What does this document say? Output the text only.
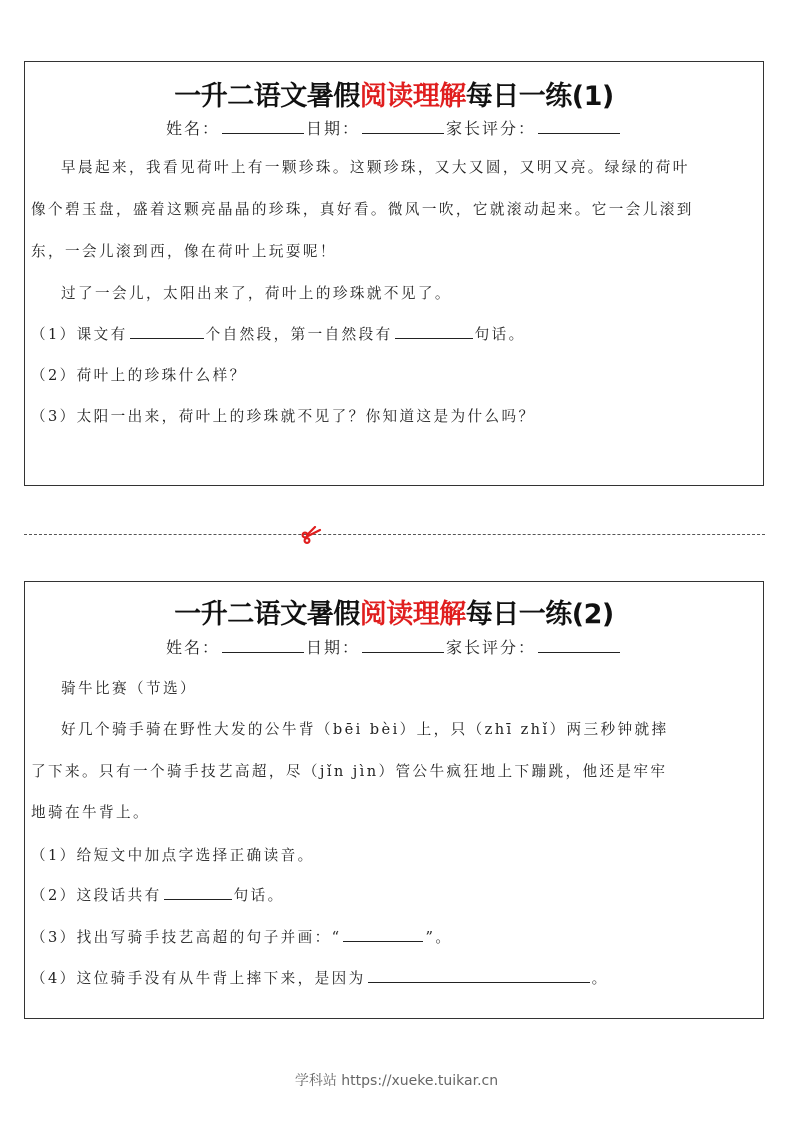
一升二语文暑假阅读理解每日一练(1)
姓名：	日期：	家长评分：
早晨起来，我看见荷叶上有一颗珍珠。这颗珍珠，又大又圆，又明又亮。绿绿的荷叶
像个碧玉盘，盛着这颗亮晶晶的珍珠，真好看。微风一吹，它就滚动起来。它一会儿滚到
东，一会儿滚到西，像在荷叶上玩耍呢！
过了一会儿，太阳出来了，荷叶上的珍珠就不见了。
（1）课文有	个自然段，第一自然段有	句话。
（2）荷叶上的珍珠什么样？
（3）太阳一出来，荷叶上的珍珠就不见了？你知道这是为什么吗？
一升二语文暑假阅读理解每日一练(2)
姓名：	日期：	家长评分：
骑牛比赛（节选）
好几个骑手骑在野性大发的公牛背（bēi bèi）上，只（zhī zhǐ）两三秒钟就摔
了下来。只有一个骑手技艺高超，尽（jǐn jìn）管公牛疯狂地上下蹦跳，他还是牢牢
地骑在牛背上。
（1）给短文中加点字选择正确读音。
（2）这段话共有	句话。
（3）找出写骑手技艺高超的句子并画：“	”。
（4）这位骑手没有从牛背上摔下来，是因为	。
学科站 https://xueke.tuikar.cn
